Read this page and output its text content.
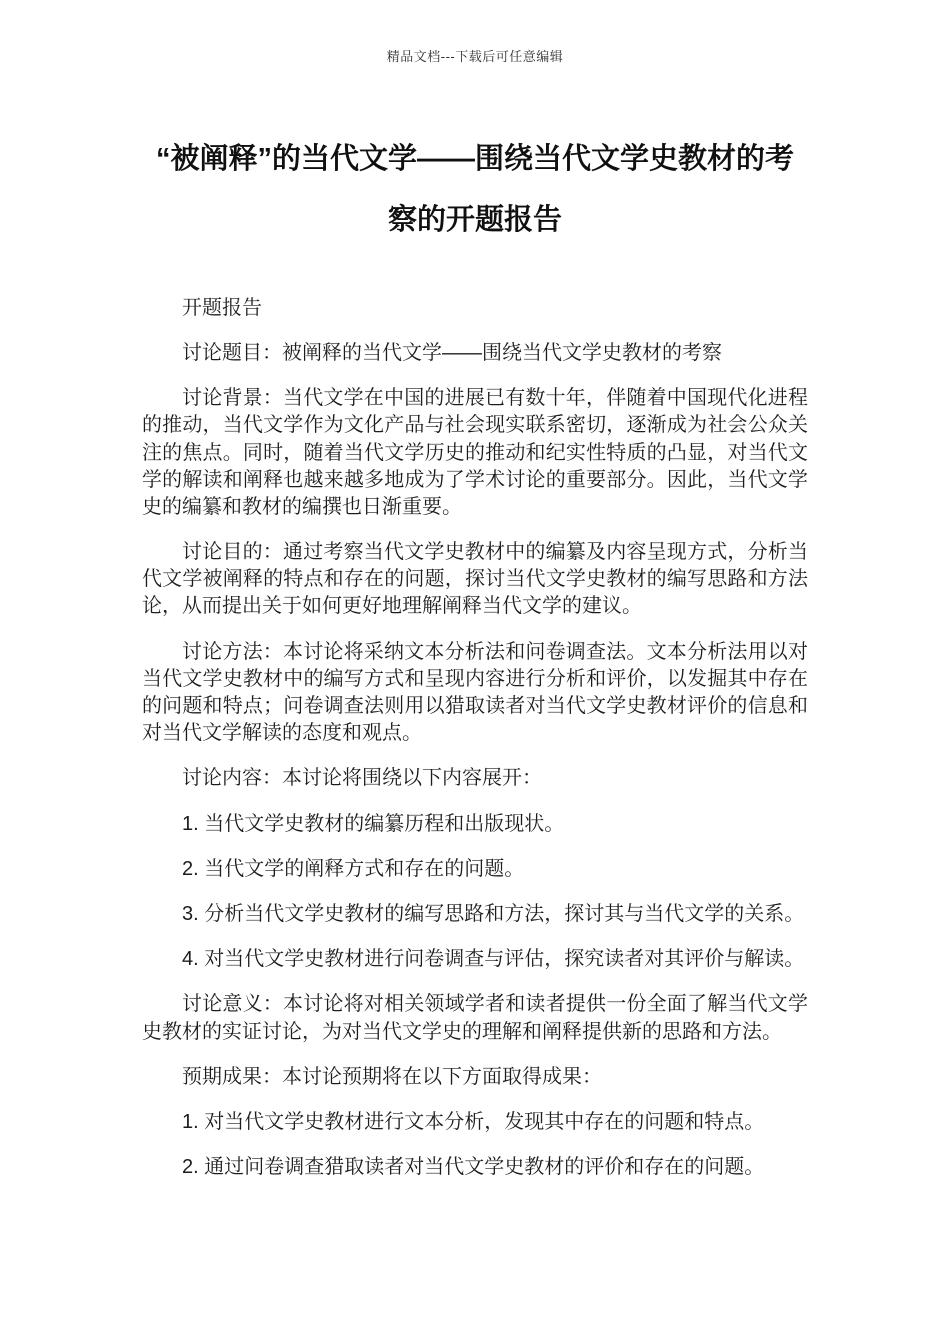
精品文档---下载后可任意编辑
“被阐释”的当代文学——围绕当代文学史教材的考察的开题报告

开题报告

讨论题目：被阐释的当代文学——围绕当代文学史教材的考察

讨论背景：当代文学在中国的进展已有数十年，伴随着中国现代化进程的推动，当代文学作为文化产品与社会现实联系密切，逐渐成为社会公众关注的焦点。同时，随着当代文学历史的推动和纪实性特质的凸显，对当代文学的解读和阐释也越来越多地成为了学术讨论的重要部分。因此，当代文学史的编纂和教材的编撰也日渐重要。

讨论目的：通过考察当代文学史教材中的编纂及内容呈现方式，分析当代文学被阐释的特点和存在的问题，探讨当代文学史教材的编写思路和方法论，从而提出关于如何更好地理解阐释当代文学的建议。

讨论方法：本讨论将采纳文本分析法和问卷调查法。文本分析法用以对当代文学史教材中的编写方式和呈现内容进行分析和评价，以发掘其中存在的问题和特点；问卷调查法则用以猎取读者对当代文学史教材评价的信息和对当代文学解读的态度和观点。

讨论内容：本讨论将围绕以下内容展开：

1. 当代文学史教材的编纂历程和出版现状。

2. 当代文学的阐释方式和存在的问题。

3. 分析当代文学史教材的编写思路和方法，探讨其与当代文学的关系。

4. 对当代文学史教材进行问卷调查与评估，探究读者对其评价与解读。

讨论意义：本讨论将对相关领域学者和读者提供一份全面了解当代文学史教材的实证讨论，为对当代文学史的理解和阐释提供新的思路和方法。

预期成果：本讨论预期将在以下方面取得成果：

1. 对当代文学史教材进行文本分析，发现其中存在的问题和特点。

2. 通过问卷调查猎取读者对当代文学史教材的评价和存在的问题。
